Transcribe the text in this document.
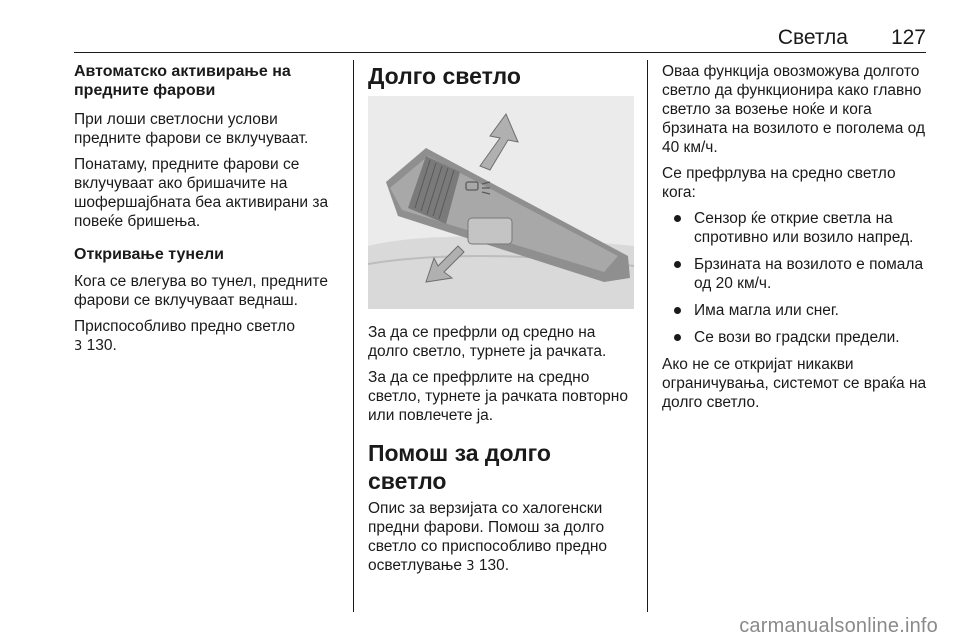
Светла 127
Автоматско активирање на предните фарови

При лоши светлосни услови предните фарови се вклучуваат.

Понатаму, предните фарови се вклучуваат ако бришачите на шофершајбната беа активирани за повеќе бришења.

Откривање тунели

Кога се влегува во тунел, предните фарови се вклучуваат веднаш.

Приспособливо предно светло
3 130.

Долго светло

За да се префрли од средно на долго светло, турнете ја рачката.

За да се префрлите на средно светло, турнете ја рачката повторно или повлечете ја.

Помош за долго светло

Опис за верзијата со халогенски предни фарови. Помош за долго светло со приспособливо предно осветлување 3 130.

Оваа функција овозможува долгото светло да функционира како главно светло за возење ноќе и кога брзината на возилото е поголема од 40 км/ч.

Се префрлува на средно светло кога:

Сензор ќе открие светла на спротивно или возило напред.
Брзината на возилото е помала од 20 км/ч.
Има магла или снег.
Се вози во градски предели.

Ако не се откријат никакви ограничувања, системот се враќа на долго светло.

carmanualsonline.info
